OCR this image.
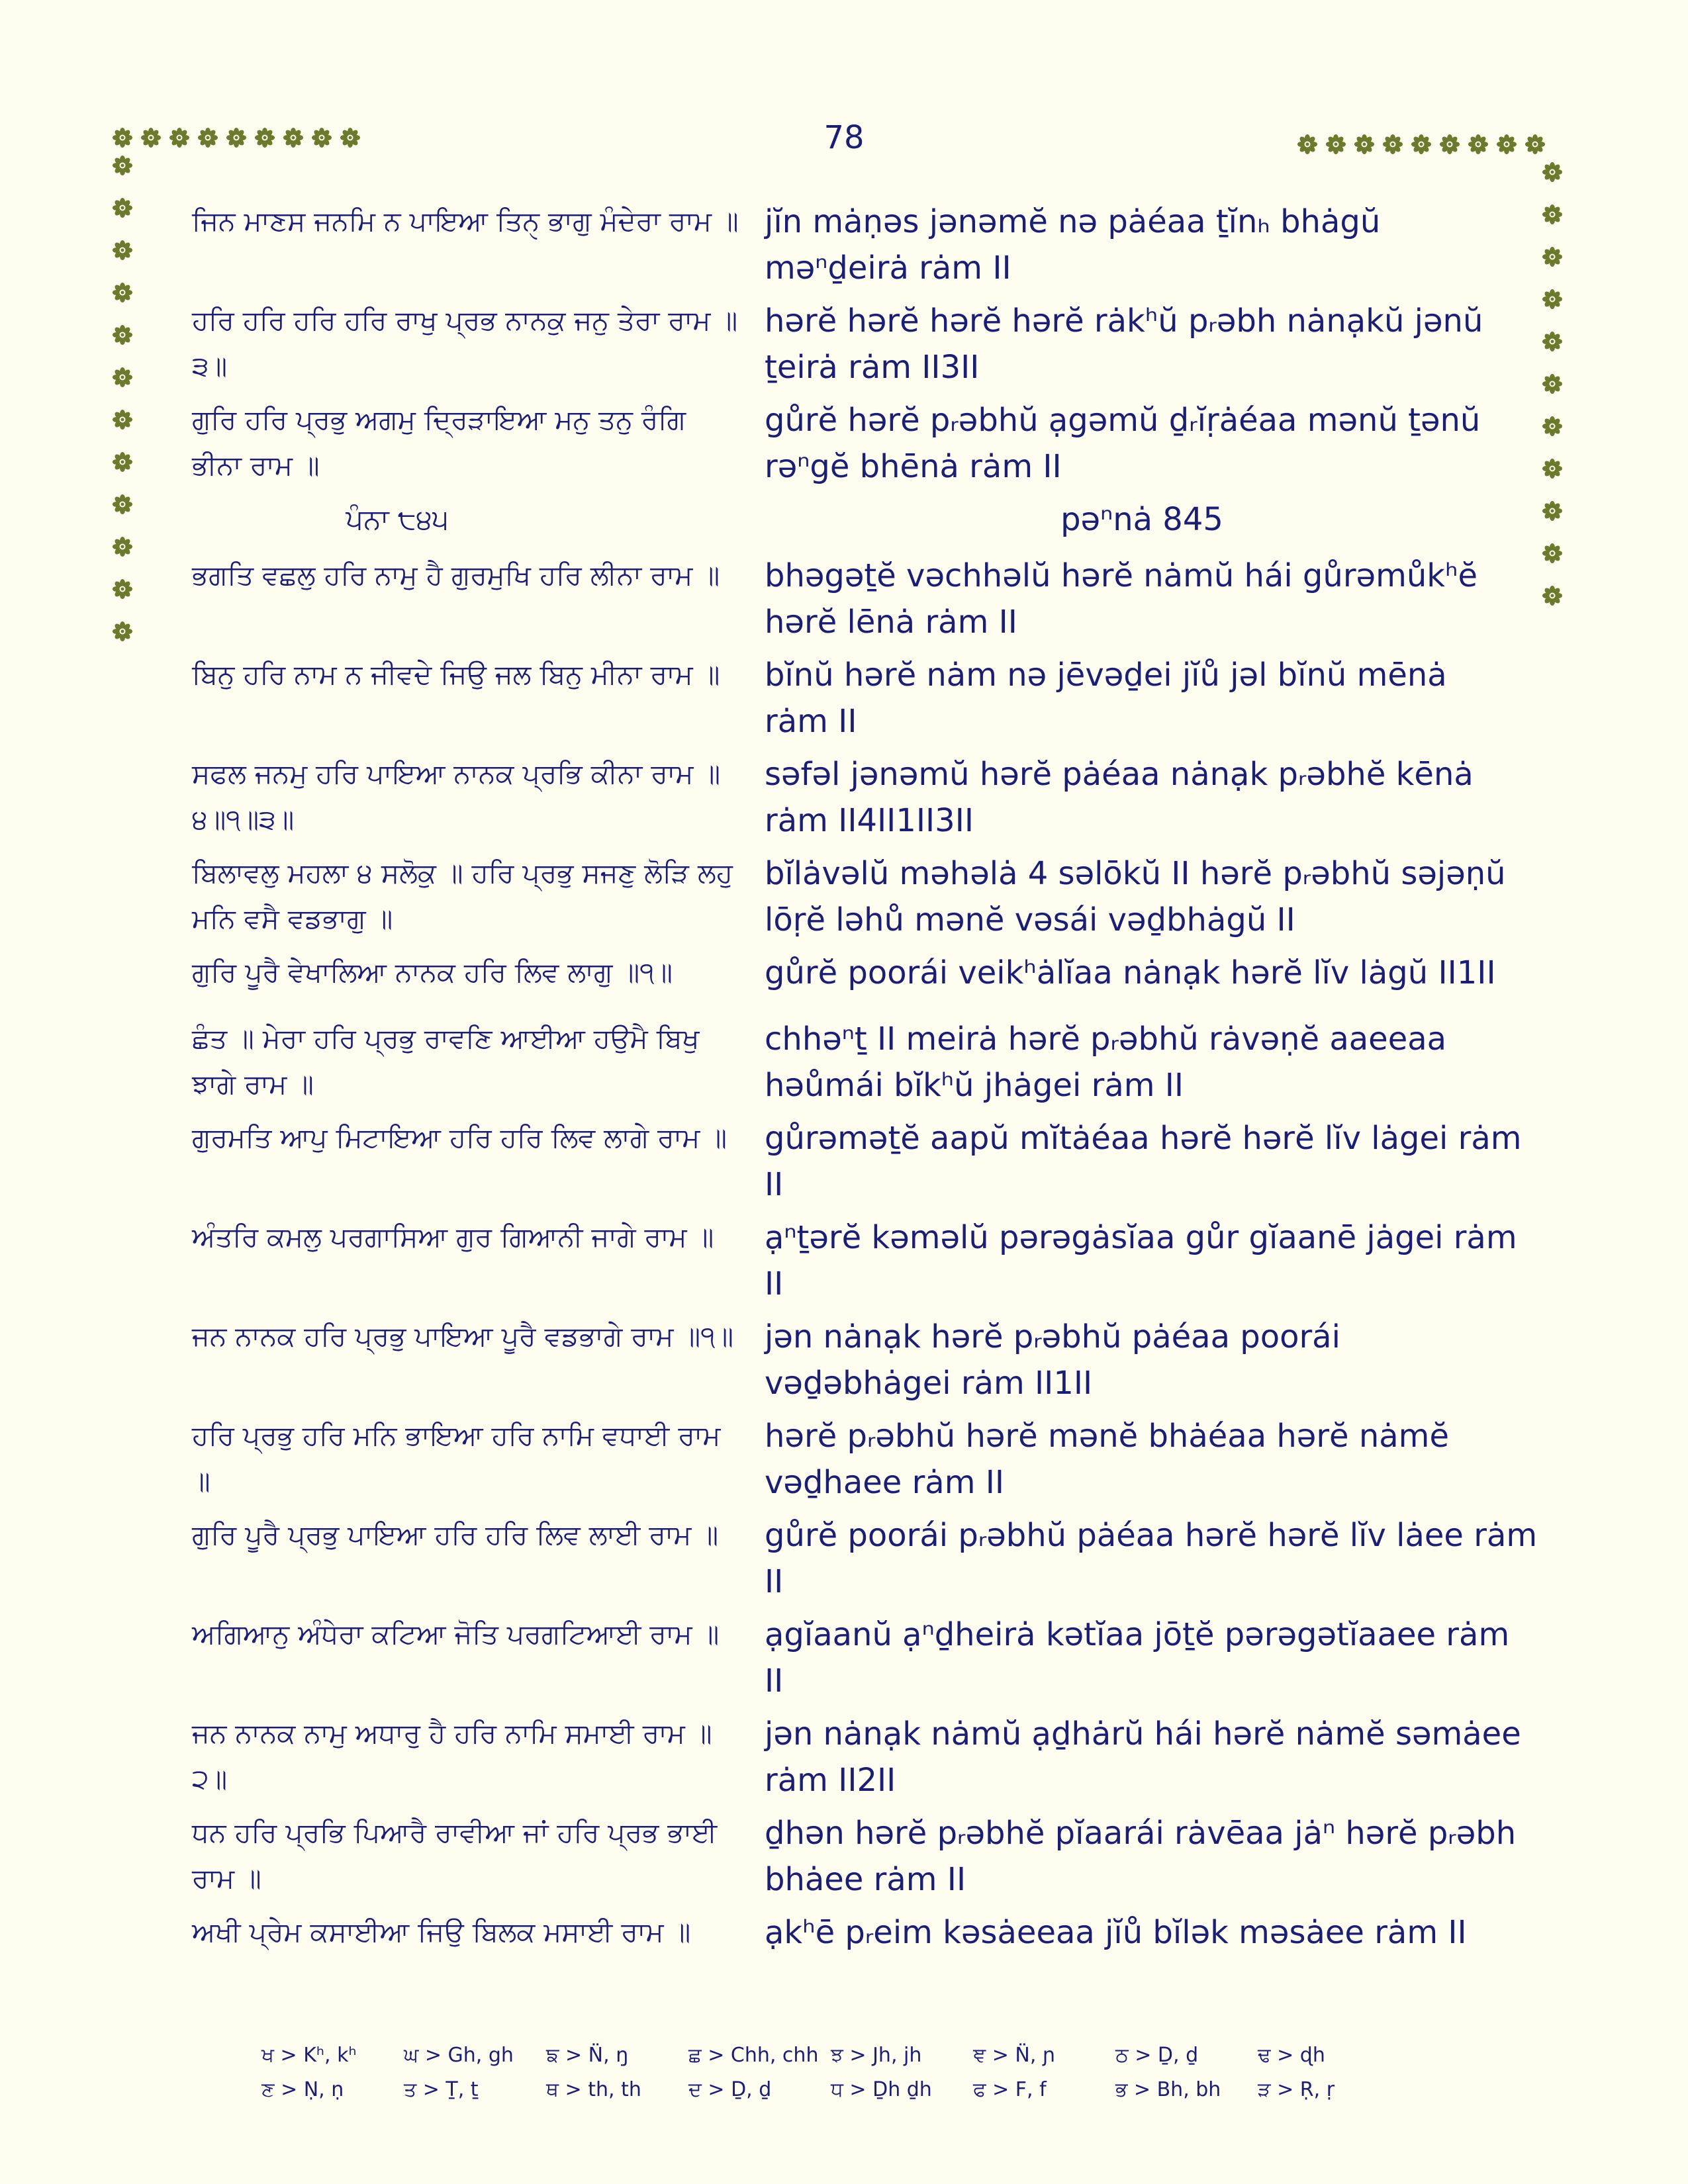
78
ਜਿਨ ਮਾਣਸ ਜਨਮਿ ਨ ਪਾਇਆ ਤਿਨੑ ਭਾਗੁ ਮੰਦੇਰਾ ਰਾਮ ॥ jĭn mȧṇəs jənəmĕ nə pȧéaa ṯĭnₕ bhȧgŭ
məⁿḏeirȧ rȧm II
ਹਰਿ ਹਰਿ ਹਰਿ ਹਰਿ ਰਾਖੁ ਪ੍ਰਭ ਨਾਨਕੁ ਜਨੁ ਤੇਰਾ ਰਾਮ ॥੩॥
hərĕ hərĕ hərĕ hərĕ rȧkʰŭ pᵣəbh nȧnạkŭ jənŭ
ṯeirȧ rȧm II3II
ਗੁਰਿ ਹਰਿ ਪ੍ਰਭੁ ਅਗਮੁ ਦ੍ਰਿੜਾਇਆ ਮਨੁ ਤਨੁ ਰੰਗਿ ਭੀਨਾ ਰਾਮ ॥
gůrĕ hərĕ pᵣəbhŭ ạgəmŭ ḏᵣĭṛȧéaa mənŭ ṯənŭ
rəⁿgĕ bhēnȧ rȧm II
ਪੰਨਾ ੮੪੫	pəⁿnȧ 845
ਭਗਤਿ ਵਛਲੁ ਹਰਿ ਨਾਮੁ ਹੈ ਗੁਰਮੁਖਿ ਹਰਿ ਲੀਨਾ ਰਾਮ ॥	bhəgəṯĕ vəchhəlŭ hərĕ nȧmŭ hái gůrəmůkʰĕ
hərĕ lēnȧ rȧm II
ਬਿਨੁ ਹਰਿ ਨਾਮ ਨ ਜੀਵਦੇ ਜਿਉ ਜਲ ਬਿਨੁ ਮੀਨਾ ਰਾਮ ॥	bĭnŭ hərĕ nȧm nə jēvəḏei jĭů jəl bĭnŭ mēnȧ
rȧm II
ਸਫਲ ਜਨਮੁ ਹਰਿ ਪਾਇਆ ਨਾਨਕ ਪ੍ਰਭਿ ਕੀਨਾ ਰਾਮ ॥੪॥੧॥੩॥
səfəl jənəmŭ hərĕ pȧéaa nȧnạk pᵣəbhĕ kēnȧ
rȧm II4II1II3II
ਬਿਲਾਵਲੁ ਮਹਲਾ ੪ ਸਲੋਕੁ ॥ ਹਰਿ ਪ੍ਰਭੁ ਸਜਣੁ ਲੋੜਿ ਲਹੁ ਮਨਿ ਵਸੈ ਵਡਭਾਗੁ ॥
bĭlȧvəlŭ məhəlȧ 4 səlōkŭ II hərĕ pᵣəbhŭ səjəṇŭ
lōṛĕ ləhů mənĕ vəsái vəḏbhȧgŭ II
ਗੁਰਿ ਪੂਰੈ ਵੇਖਾਲਿਆ ਨਾਨਕ ਹਰਿ ਲਿਵ ਲਾਗੁ ॥੧॥	gůrĕ poorái veikʰȧlĭaa nȧnạk hərĕ lĭv lȧgŭ II1II
ਛੰਤ ॥ ਮੇਰਾ ਹਰਿ ਪ੍ਰਭੁ ਰਾਵਣਿ ਆਈਆ ਹਉਮੈ ਬਿਖੁ ਝਾਗੇ ਰਾਮ ॥
chhəⁿṯ II meirȧ hərĕ pᵣəbhŭ rȧvəṇĕ aaeeaa
həůmái bĭkʰŭ jhȧgei rȧm II
ਗੁਰਮਤਿ ਆਪੁ ਮਿਟਾਇਆ ਹਰਿ ਹਰਿ ਲਿਵ ਲਾਗੇ ਰਾਮ ॥	gůrəməṯĕ aapŭ mĭtȧéaa hərĕ hərĕ lĭv lȧgei rȧm
II
ਅੰਤਰਿ ਕਮਲੁ ਪਰਗਾਸਿਆ ਗੁਰ ਗਿਆਨੀ ਜਾਗੇ ਰਾਮ ॥	ạⁿṯərĕ kəməlŭ pərəgȧsĭaa gůr gĭaanē jȧgei rȧm
II
ਜਨ ਨਾਨਕ ਹਰਿ ਪ੍ਰਭੁ ਪਾਇਆ ਪੂਰੈ ਵਡਭਾਗੇ ਰਾਮ ॥੧॥ jən nȧnạk hərĕ pᵣəbhŭ pȧéaa poorái
vəḏəbhȧgei rȧm II1II
ਹਰਿ ਪ੍ਰਭੁ ਹਰਿ ਮਨਿ ਭਾਇਆ ਹਰਿ ਨਾਮਿ ਵਧਾਈ ਰਾਮ ॥
hərĕ pᵣəbhŭ hərĕ mənĕ bhȧéaa hərĕ nȧmĕ
vəḏhaee rȧm II
ਗੁਰਿ ਪੂਰੈ ਪ੍ਰਭੁ ਪਾਇਆ ਹਰਿ ਹਰਿ ਲਿਵ ਲਾਈ ਰਾਮ ॥	gůrĕ poorái pᵣəbhŭ pȧéaa hərĕ hərĕ lĭv lȧee rȧm
II
ਅਗਿਆਨੁ ਅੰਧੇਰਾ ਕਟਿਆ ਜੋਤਿ ਪਰਗਟਿਆਈ ਰਾਮ ॥	ạgĭaanŭ ạⁿḏheirȧ kətĭaa jōṯĕ pərəgətĭaaee rȧm
II
ਜਨ ਨਾਨਕ ਨਾਮੁ ਅਧਾਰੁ ਹੈ ਹਰਿ ਨਾਮਿ ਸਮਾਈ ਰਾਮ ॥੨॥
jən nȧnạk nȧmŭ ạḏhȧrŭ hái hərĕ nȧmĕ səmȧee
rȧm II2II
ਧਨ ਹਰਿ ਪ੍ਰਭਿ ਪਿਆਰੈ ਰਾਵੀਆ ਜਾਂ ਹਰਿ ਪ੍ਰਭ ਭਾਈ ਰਾਮ ॥
ḏhən hərĕ pᵣəbhĕ pĭaarái rȧvēaa jȧⁿ hərĕ pᵣəbh
bhȧee rȧm II
ਅਖੀ ਪ੍ਰੇਮ ਕਸਾਈਆ ਜਿਉ ਬਿਲਕ ਮਸਾਈ ਰਾਮ ॥	ạkʰē pᵣeim kəsȧeeaa jĭů bĭlək məsȧee rȧm II
ਖ > Kʰ, kʰ	ਘ > Gh, gh	ਙ > N̈, ŋ	ਛ > Chh, chh ਝ > Jh, jh	ਞ > N̈, ɲ	ਠ > Ḏ, ḏ	ਢ > ɖh
ਣ > Ṇ, ṇ	ਤ > Ṯ, ṯ	ਥ > th, th	ਦ > Ḏ, ḏ	ਧ > Ḏh ḏh	ਫ > F, f	ਭ > Bh, bh	ੜ > Ṛ, ṛ
